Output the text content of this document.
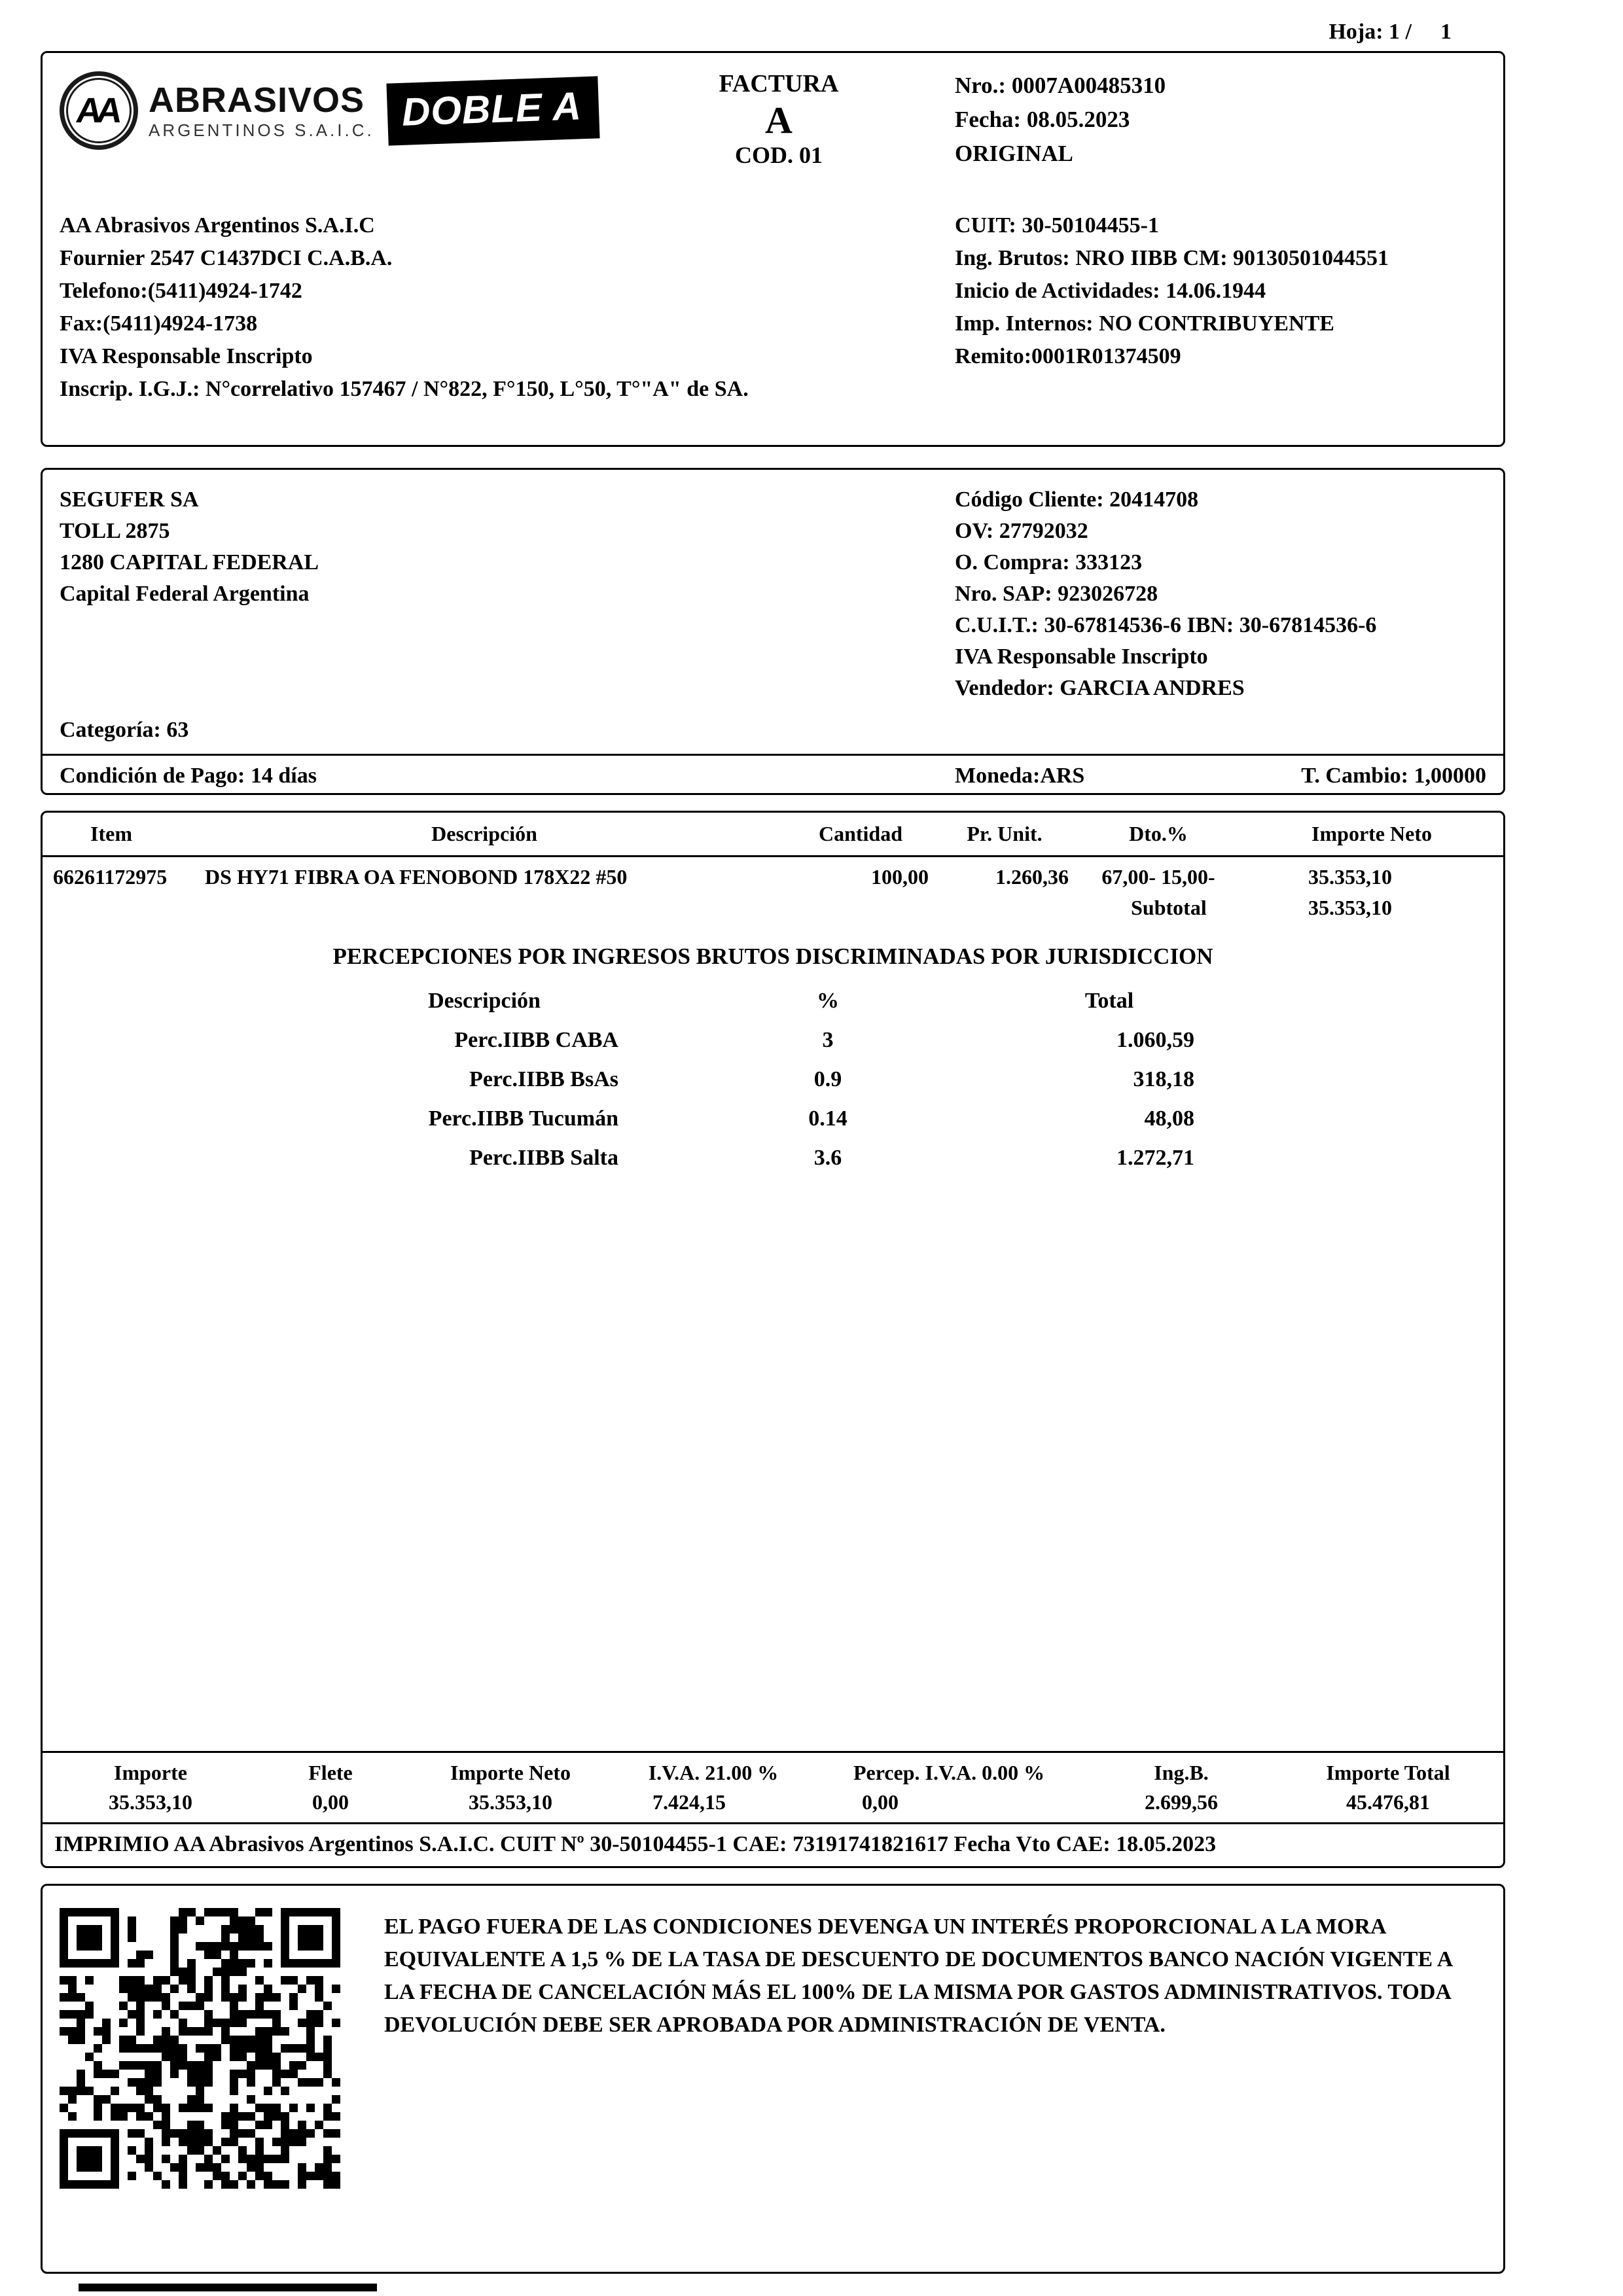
Hoja: 1 / 1
AA ABRASIVOS
ARGENTINOS S.A.I.C. DOBLE A	FACTURA
A
COD. 01
Nro.: 0007A00485310
Fecha: 08.05.2023
ORIGINAL
AA Abrasivos Argentinos S.A.I.C
Fournier 2547 C1437DCI C.A.B.A.
Telefono:(5411)4924-1742
Fax:(5411)4924-1738
IVA Responsable Inscripto
Inscrip. I.G.J.: N°correlativo 157467 / N°822, F°150, L°50, T°"A" de SA.
CUIT: 30-50104455-1
Ing. Brutos: NRO IIBB CM: 90130501044551
Inicio de Actividades: 14.06.1944
Imp. Internos: NO CONTRIBUYENTE
Remito:0001R01374509
SEGUFER SA
TOLL 2875
1280 CAPITAL FEDERAL
Capital Federal Argentina
Código Cliente: 20414708
OV: 27792032
O. Compra: 333123
Nro. SAP: 923026728
C.U.I.T.: 30-67814536-6 IBN: 30-67814536-6
IVA Responsable Inscripto
Vendedor: GARCIA ANDRES
Categoría: 63
Condición de Pago: 14 días	Moneda:ARS	T. Cambio: 1,00000
Item	Descripción	Cantidad	Pr. Unit.	Dto.%	Importe Neto
66261172975	DS HY71 FIBRA OA FENOBOND 178X22 #50	100,00	1.260,36	67,00- 15,00-	35.353,10
Subtotal	35.353,10
PERCEPCIONES POR INGRESOS BRUTOS DISCRIMINADAS POR JURISDICCION
Descripción	%	Total
Perc.IIBB CABA	3	1.060,59
Perc.IIBB BsAs	0.9	318,18
Perc.IIBB Tucumán	0.14	48,08
Perc.IIBB Salta	3.6	1.272,71
Importe	Flete	Importe Neto	I.V.A. 21.00 %	Percep. I.V.A. 0.00 %	Ing.B.	Importe Total
35.353,10	0,00	35.353,10	7.424,15	0,00	2.699,56	45.476,81
IMPRIMIO AA Abrasivos Argentinos S.A.I.C. CUIT Nº 30-50104455-1 CAE: 73191741821617 Fecha Vto CAE: 18.05.2023
EL PAGO FUERA DE LAS CONDICIONES DEVENGA UN INTERÉS PROPORCIONAL A LA MORA EQUIVALENTE A 1,5 % DE LA TASA DE DESCUENTO DE DOCUMENTOS BANCO NACIÓN VIGENTE A LA FECHA DE CANCELACIÓN MÁS EL 100% DE LA MISMA POR GASTOS ADMINISTRATIVOS. TODA DEVOLUCIÓN DEBE SER APROBADA POR ADMINISTRACIÓN DE VENTA.
